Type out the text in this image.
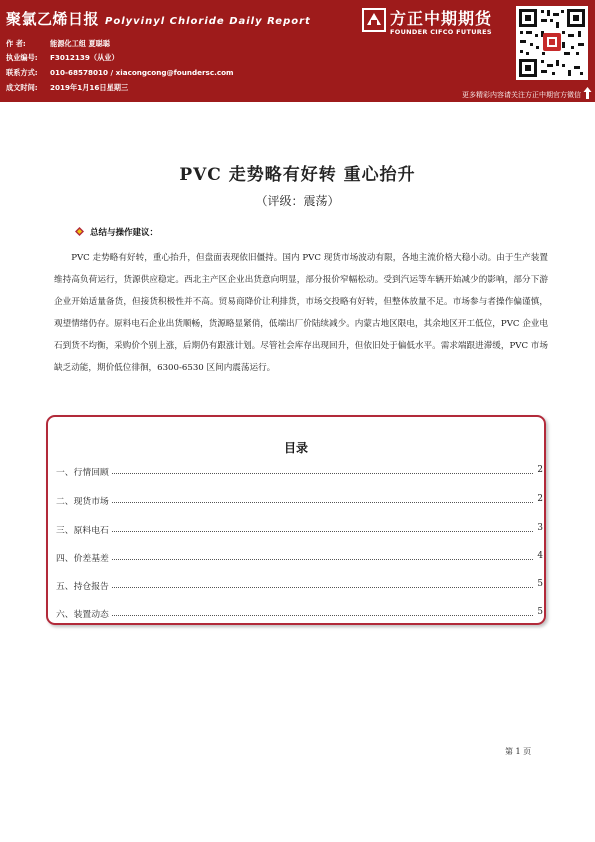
聚氯乙烯日报 Polyvinyl Chloride Daily Report
作 者:	能源化工组 夏聪聪
执业编号: F3012139（从业）
联系方式: 010-68578010 / xiacongcong@foundersc.com
成文时间: 2019年1月16日星期三
方正中期期货
FOUNDER CIFCO FUTURES
更多精彩内容请关注方正中期官方微信
PVC 走势略有好转 重心抬升
（评级：震荡）
总结与操作建议：
PVC 走势略有好转，重心抬升，但盘面表现依旧僵持。国内 PVC 现货市场波动有限，各地主流价格大稳小动。由于生产装置维持高负荷运行，货源供应稳定。西北主产区企业出货意向明显，部分报价窄幅松动。受到汽运等车辆开始减少的影响，部分下游企业开始适量备货，但接货积极性并不高。贸易商降价让利排货，市场交投略有好转，但整体放量不足。市场参与者操作偏谨慎，观望情绪仍存。原料电石企业出货顺畅，货源略显紧俏，低端出厂价陆续减少。内蒙古地区限电，其余地区开工低位，PVC 企业电石到货不均衡，采购价个别上涨，后期仍有跟涨计划。尽管社会库存出现回升，但依旧处于偏低水平。需求端跟进滞缓，PVC 市场缺乏动能，期价低位徘徊，6300-6530 区间内震荡运行。
目录
一、行情回顾	2
二、现货市场	2
三、原料电石	3
四、价差基差	4
五、持仓报告	5
六、装置动态	5
第 1 页
